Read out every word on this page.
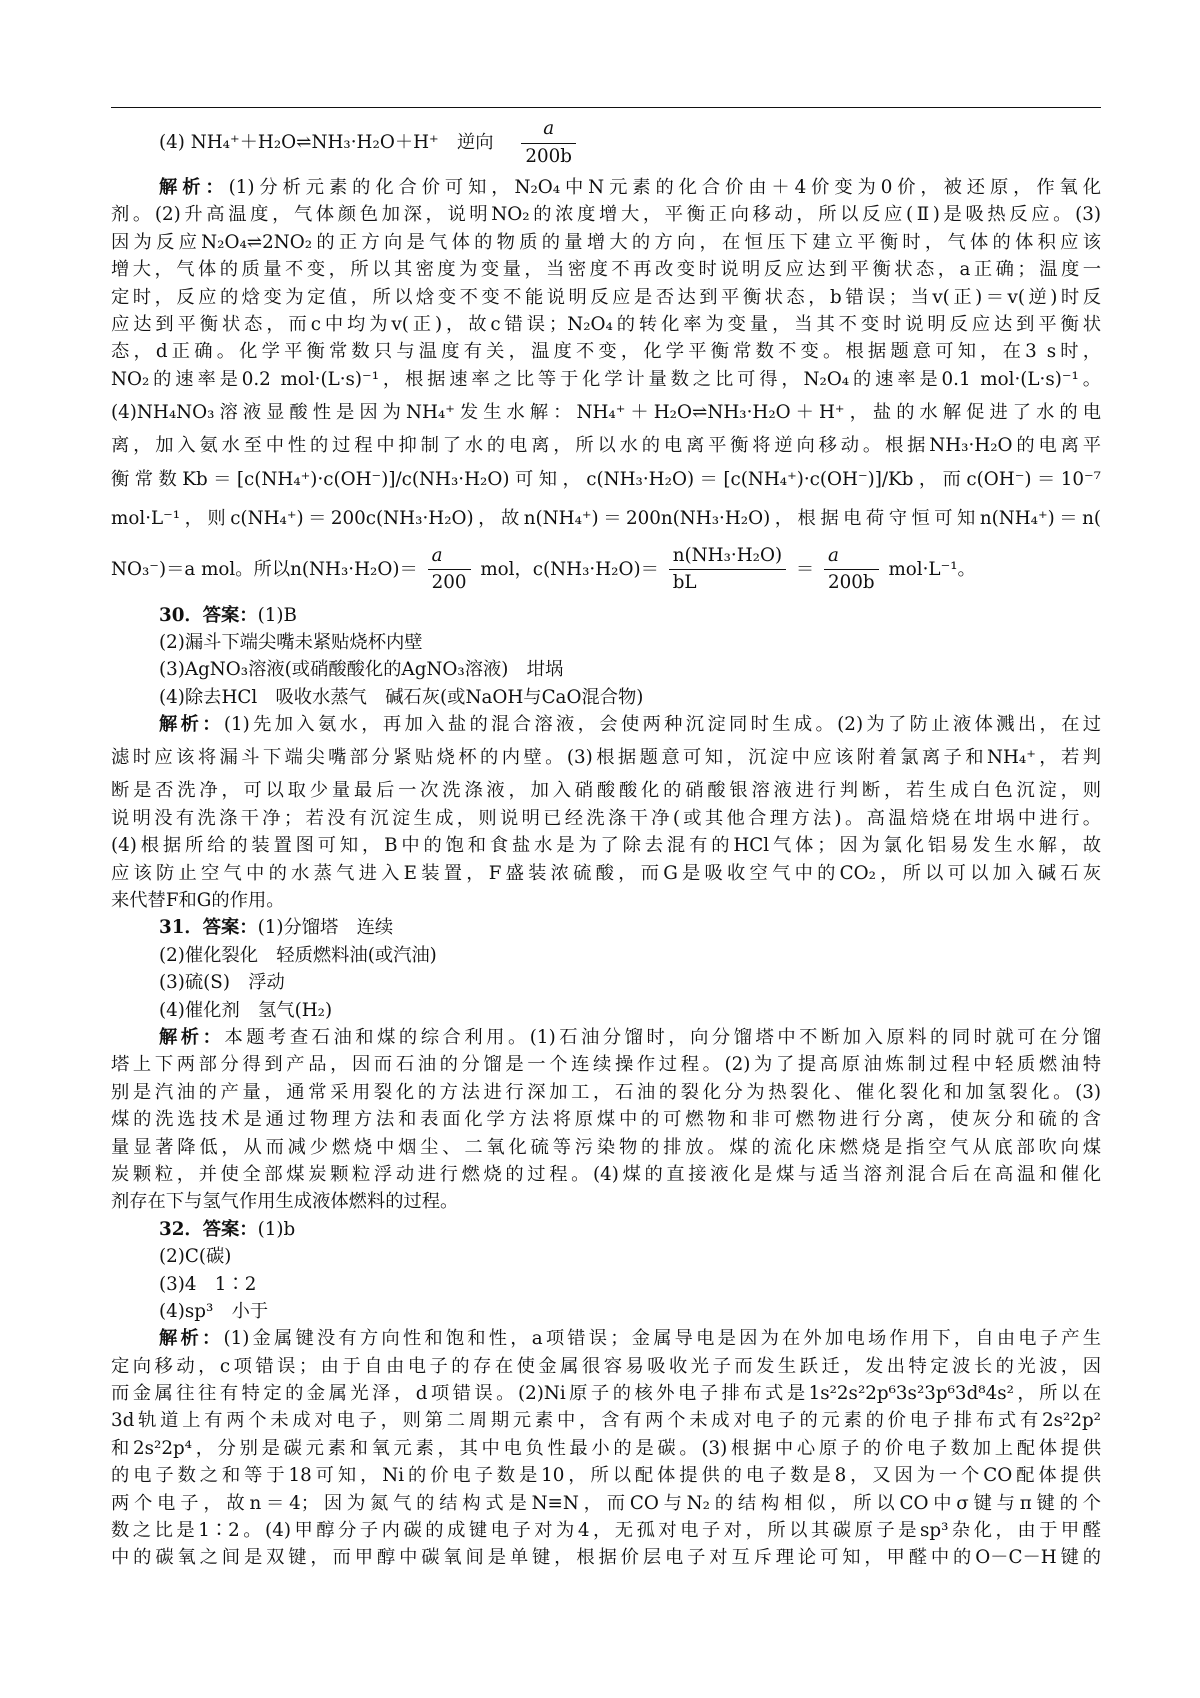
(4) NH₄⁺＋H₂O⇌NH₃·H₂O＋H⁺　逆向 $\frac{a}{200b}$
解析：(1)分析元素的化合价可知，N₂O₄中N元素的化合价由＋4价变为0价，被还原，作氧化
剂。(2)升高温度，气体颜色加深，说明NO₂的浓度增大，平衡正向移动，所以反应(Ⅱ)是吸热反应。(3)
因为反应N₂O₄⇌2NO₂的正方向是气体的物质的量增大的方向，在恒压下建立平衡时，气体的体积应该
增大，气体的质量不变，所以其密度为变量，当密度不再改变时说明反应达到平衡状态，a正确；温度一
定时，反应的焓变为定值，所以焓变不变不能说明反应是否达到平衡状态，b错误；当v(正)＝v(逆)时反
应达到平衡状态，而c中均为v(正)，故c错误；N₂O₄的转化率为变量，当其不变时说明反应达到平衡状
态，d正确。化学平衡常数只与温度有关，温度不变，化学平衡常数不变。根据题意可知，在3 s时，
NO₂的速率是0.2 mol·(L·s)⁻¹，根据速率之比等于化学计量数之比可得，N₂O₄的速率是0.1 mol·(L·s)⁻¹。
(4)NH₄NO₃溶液显酸性是因为NH₄⁺发生水解：NH₄⁺＋H₂O⇌NH₃·H₂O＋H⁺，盐的水解促进了水的电
离，加入氨水至中性的过程中抑制了水的电离，所以水的电离平衡将逆向移动。根据NH₃·H₂O的电离平
衡常数Kb＝[c(NH₄⁺)·c(OH⁻)]/c(NH₃·H₂O)可知，c(NH₃·H₂O)＝[c(NH₄⁺)·c(OH⁻)]/Kb，而c(OH⁻)＝10⁻⁷
mol·L⁻¹，则c(NH₄⁺)＝200c(NH₃·H₂O)，故n(NH₄⁺)＝200n(NH₃·H₂O)，根据电荷守恒可知n(NH₄⁺)＝n(
NO₃⁻)＝a mol。所以$n(NH_3\cdot H_2O)= \frac{a}{200}$ mol，$c(NH_3\cdot H_2O)= \frac{\text{n(NH₃·H₂O)}}{bL} = \frac{a}{200b} mol\cdot L^{-1}$。
30．答案：(1)B
(2)漏斗下端尖嘴未紧贴烧杯内壁
(3)AgNO₃溶液(或硝酸酸化的AgNO₃溶液)　坩埚
(4)除去HCl　吸收水蒸气　碱石灰(或NaOH与CaO混合物)
解析：(1)先加入氨水，再加入盐的混合溶液，会使两种沉淀同时生成。(2)为了防止液体溅出，在过
滤时应该将漏斗下端尖嘴部分紧贴烧杯的内壁。(3)根据题意可知，沉淀中应该附着氯离子和NH₄⁺，若判
断是否洗净，可以取少量最后一次洗涤液，加入硝酸酸化的硝酸银溶液进行判断，若生成白色沉淀，则
说明没有洗涤干净；若没有沉淀生成，则说明已经洗涤干净(或其他合理方法)。高温焙烧在坩埚中进行。
(4)根据所给的装置图可知，B中的饱和食盐水是为了除去混有的HCl气体；因为氯化铝易发生水解，故
应该防止空气中的水蒸气进入E装置，F盛装浓硫酸，而G是吸收空气中的CO₂，所以可以加入碱石灰
来代替F和G的作用。
31．答案：(1)分馏塔　连续
(2)催化裂化　轻质燃料油(或汽油)
(3)硫(S)　浮动
(4)催化剂　氢气(H₂)
解析：本题考查石油和煤的综合利用。(1)石油分馏时，向分馏塔中不断加入原料的同时就可在分馏
塔上下两部分得到产品，因而石油的分馏是一个连续操作过程。(2)为了提高原油炼制过程中轻质燃油特
别是汽油的产量，通常采用裂化的方法进行深加工，石油的裂化分为热裂化、催化裂化和加氢裂化。(3)
煤的洗选技术是通过物理方法和表面化学方法将原煤中的可燃物和非可燃物进行分离，使灰分和硫的含
量显著降低，从而减少燃烧中烟尘、二氧化硫等污染物的排放。煤的流化床燃烧是指空气从底部吹向煤
炭颗粒，并使全部煤炭颗粒浮动进行燃烧的过程。(4)煤的直接液化是煤与适当溶剂混合后在高温和催化
剂存在下与氢气作用生成液体燃料的过程。
32．答案：(1)b
(2)C(碳)
(3)4　1∶2
(4)sp³　小于
解析：(1)金属键没有方向性和饱和性，a项错误；金属导电是因为在外加电场作用下，自由电子产生
定向移动，c项错误；由于自由电子的存在使金属很容易吸收光子而发生跃迁，发出特定波长的光波，因
而金属往往有特定的金属光泽，d项错误。(2)Ni原子的核外电子排布式是1s²2s²2p⁶3s²3p⁶3d⁸4s²，所以在
3d轨道上有两个未成对电子，则第二周期元素中，含有两个未成对电子的元素的价电子排布式有2s²2p²
和2s²2p⁴，分别是碳元素和氧元素，其中电负性最小的是碳。(3)根据中心原子的价电子数加上配体提供
的电子数之和等于18可知，Ni的价电子数是10，所以配体提供的电子数是8，又因为一个CO配体提供
两个电子，故n＝4；因为氮气的结构式是N≡N，而CO与N₂的结构相似，所以CO中σ键与π键的个
数之比是1∶2。(4)甲醇分子内碳的成键电子对为4，无孤对电子对，所以其碳原子是sp³杂化，由于甲醛
中的碳氧之间是双键，而甲醇中碳氧间是单键，根据价层电子对互斥理论可知，甲醛中的O－C－H键的
